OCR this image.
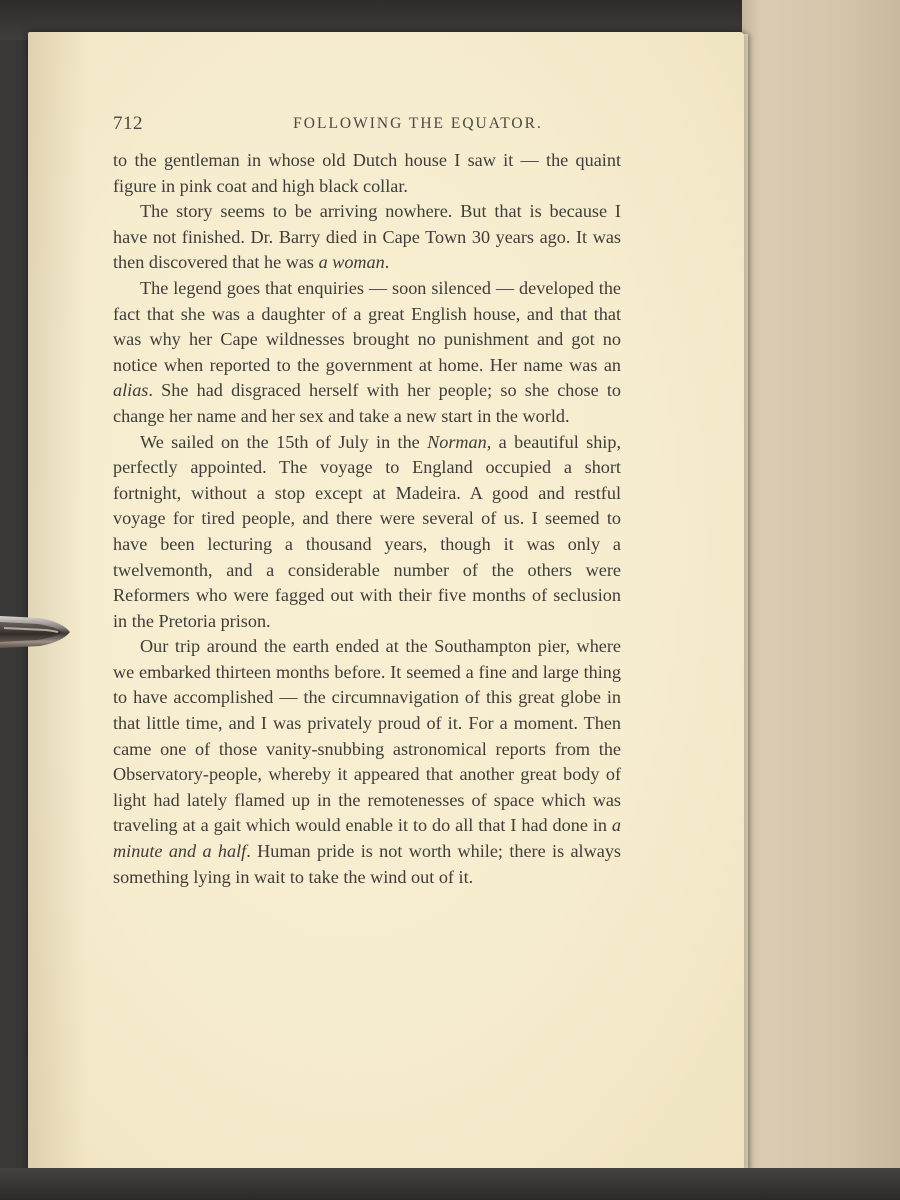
712	FOLLOWING THE EQUATOR.

to the gentleman in whose old Dutch house I saw it — the quaint figure in pink coat and high black collar.

The story seems to be arriving nowhere. But that is because I have not finished. Dr. Barry died in Cape Town 30 years ago. It was then discovered that he was a woman.

The legend goes that enquiries — soon silenced — developed the fact that she was a daughter of a great English house, and that that was why her Cape wildnesses brought no punishment and got no notice when reported to the government at home. Her name was an alias. She had disgraced herself with her people; so she chose to change her name and her sex and take a new start in the world.

We sailed on the 15th of July in the Norman, a beautiful ship, perfectly appointed. The voyage to England occupied a short fortnight, without a stop except at Madeira. A good and restful voyage for tired people, and there were several of us. I seemed to have been lecturing a thousand years, though it was only a twelvemonth, and a considerable number of the others were Reformers who were fagged out with their five months of seclusion in the Pretoria prison.

Our trip around the earth ended at the Southampton pier, where we embarked thirteen months before. It seemed a fine and large thing to have accomplished — the circumnavigation of this great globe in that little time, and I was privately proud of it. For a moment. Then came one of those vanity-snubbing astronomical reports from the Observatory-people, whereby it appeared that another great body of light had lately flamed up in the remotenesses of space which was traveling at a gait which would enable it to do all that I had done in a minute and a half. Human pride is not worth while; there is always something lying in wait to take the wind out of it.
